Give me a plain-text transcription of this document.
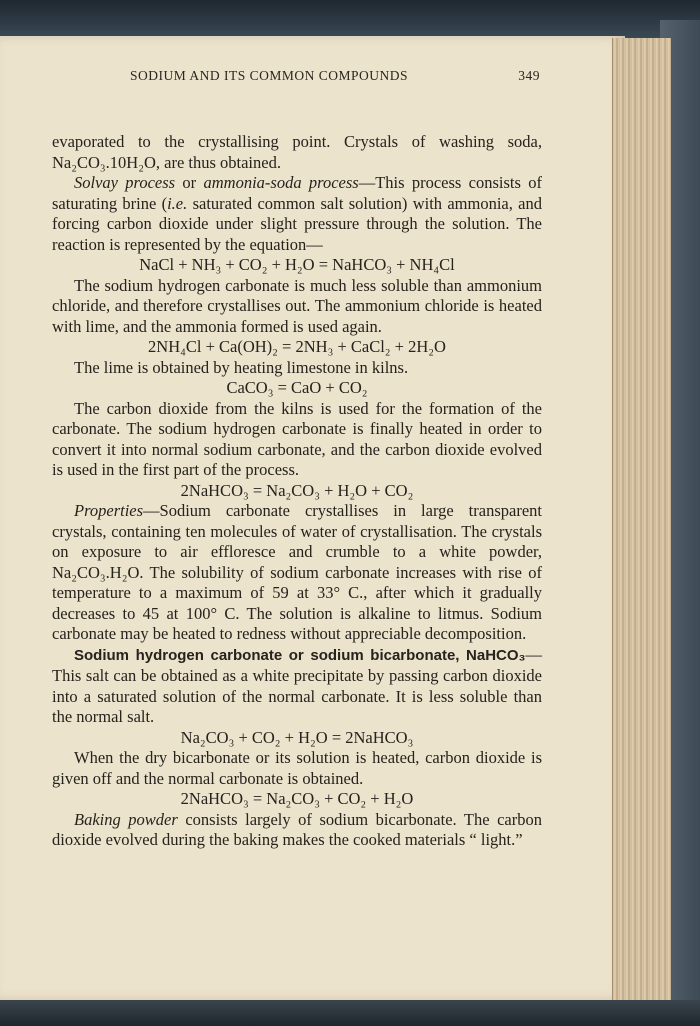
SODIUM AND ITS COMMON COMPOUNDS	349

evaporated to the crystallising point. Crystals of washing soda, Na₂CO₃.10H₂O, are thus obtained.

Solvay process or ammonia-soda process—This process consists of saturating brine (i.e. saturated common salt solution) with ammonia, and forcing carbon dioxide under slight pressure through the solution. The reaction is represented by the equation—

NaCl + NH₃ + CO₂ + H₂O = NaHCO₃ + NH₄Cl

The sodium hydrogen carbonate is much less soluble than ammonium chloride, and therefore crystallises out. The ammonium chloride is heated with lime, and the ammonia formed is used again.

2NH₄Cl + Ca(OH)₂ = 2NH₃ + CaCl₂ + 2H₂O

The lime is obtained by heating limestone in kilns.

CaCO₃ = CaO + CO₂

The carbon dioxide from the kilns is used for the formation of the carbonate. The sodium hydrogen carbonate is finally heated in order to convert it into normal sodium carbonate, and the carbon dioxide evolved is used in the first part of the process.

2NaHCO₃ = Na₂CO₃ + H₂O + CO₂

Properties—Sodium carbonate crystallises in large transparent crystals, containing ten molecules of water of crystallisation. The crystals on exposure to air effloresce and crumble to a white powder, Na₂CO₃.H₂O. The solubility of sodium carbonate increases with rise of temperature to a maximum of 59 at 33° C., after which it gradually decreases to 45 at 100° C. The solution is alkaline to litmus. Sodium carbonate may be heated to redness without appreciable decomposition.

Sodium hydrogen carbonate or sodium bicarbonate, NaHCO₃—This salt can be obtained as a white precipitate by passing carbon dioxide into a saturated solution of the normal carbonate. It is less soluble than the normal salt.

Na₂CO₃ + CO₂ + H₂O = 2NaHCO₃

When the dry bicarbonate or its solution is heated, carbon dioxide is given off and the normal carbonate is obtained.

2NaHCO₃ = Na₂CO₃ + CO₂ + H₂O

Baking powder consists largely of sodium bicarbonate. The carbon dioxide evolved during the baking makes the cooked materials “ light.”
